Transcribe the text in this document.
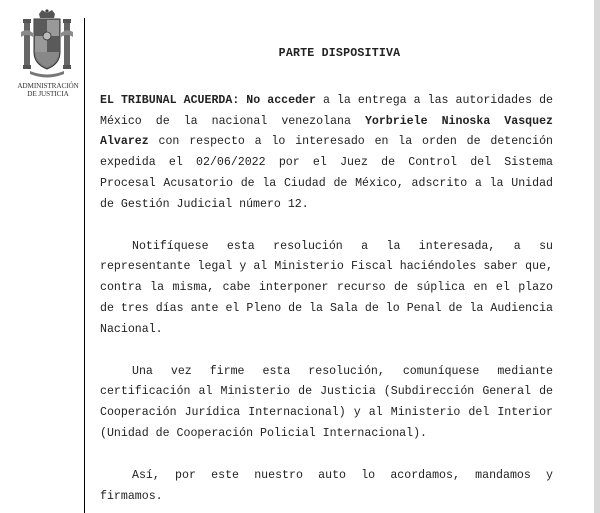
ADMINISTRACIÓN
DE JUSTICIA
PARTE DISPOSITIVA

EL TRIBUNAL ACUERDA: No acceder a la entrega a las autoridades de México de la nacional venezolana Yorbriele Ninoska Vasquez Alvarez con respecto a lo interesado en la orden de detención expedida el 02/06/2022 por el Juez de Control del Sistema Procesal Acusatorio de la Ciudad de México, adscrito a la Unidad de Gestión Judicial número 12.

Notifíquese esta resolución a la interesada, a su representante legal y al Ministerio Fiscal haciéndoles saber que, contra la misma, cabe interponer recurso de súplica en el plazo de tres días ante el Pleno de la Sala de lo Penal de la Audiencia Nacional.

Una vez firme esta resolución, comuníquese mediante certificación al Ministerio de Justicia (Subdirección General de Cooperación Jurídica Internacional) y al Ministerio del Interior (Unidad de Cooperación Policial Internacional).

Así, por este nuestro auto lo acordamos, mandamos y firmamos.
